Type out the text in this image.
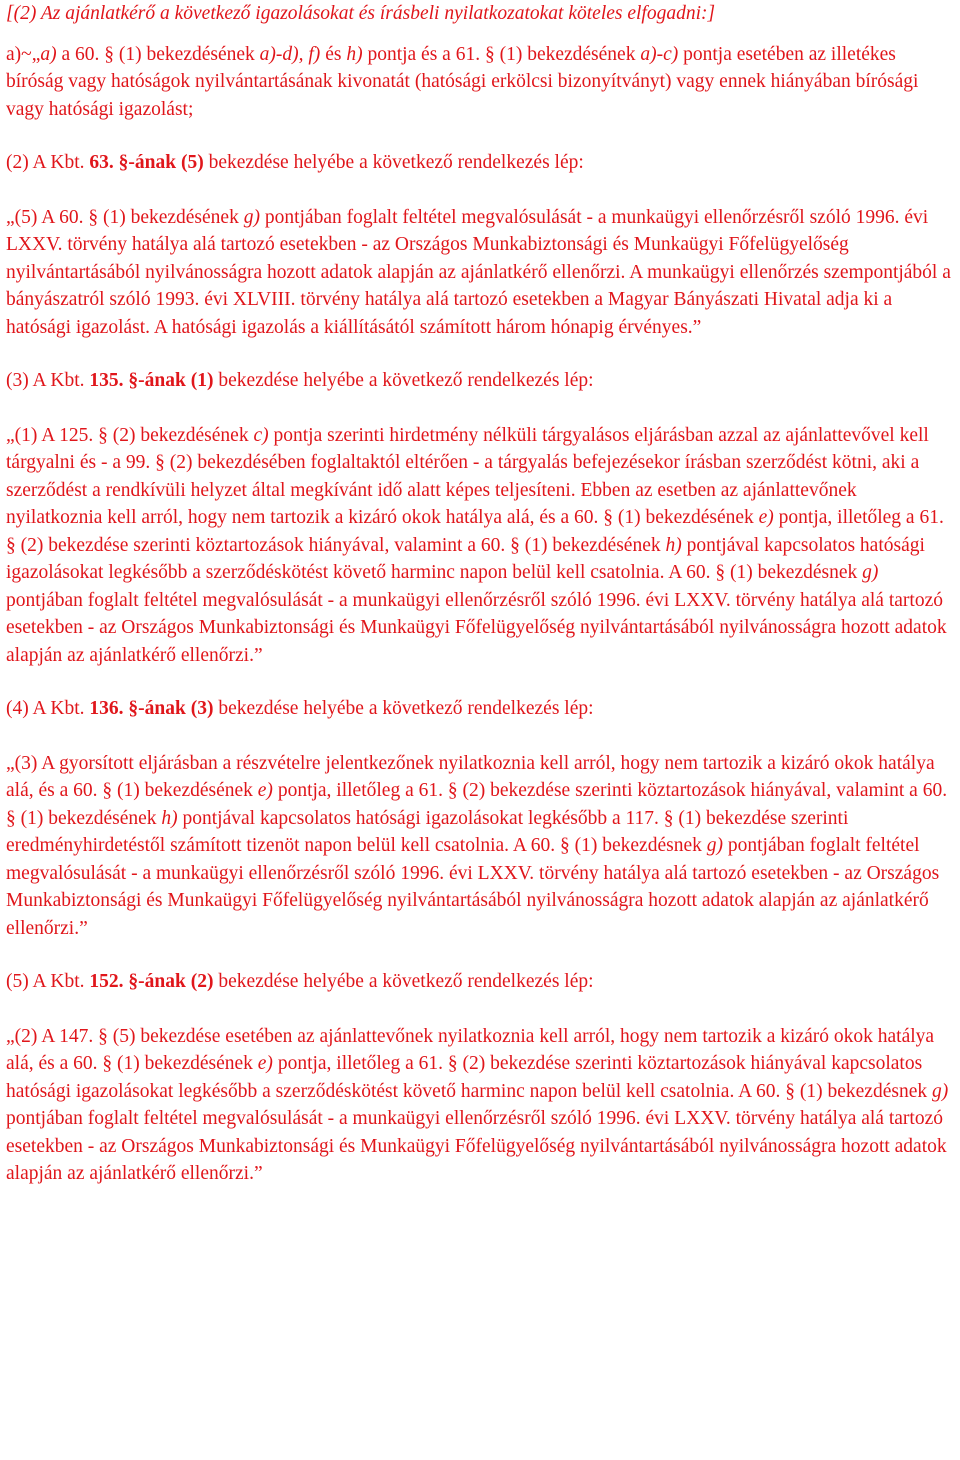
[(2) Az ajánlatkérő a következő igazolásokat és írásbeli nyilatkozatokat köteles elfogadni:]

a)~„a) a 60. § (1) bekezdésének a)-d), f) és h) pontja és a 61. § (1) bekezdésének a)-c) pontja esetében az illetékes bíróság vagy hatóságok nyilvántartásának kivonatát (hatósági erkölcsi bizonyítványt) vagy ennek hiányában bírósági vagy hatósági igazolást;

(2) A Kbt. 63. §-ának (5) bekezdése helyébe a következő rendelkezés lép:

„(5) A 60. § (1) bekezdésének g) pontjában foglalt feltétel megvalósulását - a munkaügyi ellenőrzésről szóló 1996. évi LXXV. törvény hatálya alá tartozó esetekben - az Országos Munkabiztonsági és Munkaügyi Főfelügyelőség nyilvántartásából nyilvánosságra hozott adatok alapján az ajánlatkérő ellenőrzi. A munkaügyi ellenőrzés szempontjából a bányászatról szóló 1993. évi XLVIII. törvény hatálya alá tartozó esetekben a Magyar Bányászati Hivatal adja ki a hatósági igazolást. A hatósági igazolás a kiállításától számított három hónapig érvényes.”

(3) A Kbt. 135. §-ának (1) bekezdése helyébe a következő rendelkezés lép:

„(1) A 125. § (2) bekezdésének c) pontja szerinti hirdetmény nélküli tárgyalásos eljárásban azzal az ajánlattevővel kell tárgyalni és - a 99. § (2) bekezdésében foglaltaktól eltérően - a tárgyalás befejezésekor írásban szerződést kötni, aki a szerződést a rendkívüli helyzet által megkívánt idő alatt képes teljesíteni. Ebben az esetben az ajánlattevőnek nyilatkoznia kell arról, hogy nem tartozik a kizáró okok hatálya alá, és a 60. § (1) bekezdésének e) pontja, illetőleg a 61. § (2) bekezdése szerinti köztartozások hiányával, valamint a 60. § (1) bekezdésének h) pontjával kapcsolatos hatósági igazolásokat legkésőbb a szerződéskötést követő harminc napon belül kell csatolnia. A 60. § (1) bekezdésnek g) pontjában foglalt feltétel megvalósulását - a munkaügyi ellenőrzésről szóló 1996. évi LXXV. törvény hatálya alá tartozó esetekben - az Országos Munkabiztonsági és Munkaügyi Főfelügyelőség nyilvántartásából nyilvánosságra hozott adatok alapján az ajánlatkérő ellenőrzi.”

(4) A Kbt. 136. §-ának (3) bekezdése helyébe a következő rendelkezés lép:

„(3) A gyorsított eljárásban a részvételre jelentkezőnek nyilatkoznia kell arról, hogy nem tartozik a kizáró okok hatálya alá, és a 60. § (1) bekezdésének e) pontja, illetőleg a 61. § (2) bekezdése szerinti köztartozások hiányával, valamint a 60. § (1) bekezdésének h) pontjával kapcsolatos hatósági igazolásokat legkésőbb a 117. § (1) bekezdése szerinti eredményhirdetéstől számított tizenöt napon belül kell csatolnia. A 60. § (1) bekezdésnek g) pontjában foglalt feltétel megvalósulását - a munkaügyi ellenőrzésről szóló 1996. évi LXXV. törvény hatálya alá tartozó esetekben - az Országos Munkabiztonsági és Munkaügyi Főfelügyelőség nyilvántartásából nyilvánosságra hozott adatok alapján az ajánlatkérő ellenőrzi.”

(5) A Kbt. 152. §-ának (2) bekezdése helyébe a következő rendelkezés lép:

„(2) A 147. § (5) bekezdése esetében az ajánlattevőnek nyilatkoznia kell arról, hogy nem tartozik a kizáró okok hatálya alá, és a 60. § (1) bekezdésének e) pontja, illetőleg a 61. § (2) bekezdése szerinti köztartozások hiányával kapcsolatos hatósági igazolásokat legkésőbb a szerződéskötést követő harminc napon belül kell csatolnia. A 60. § (1) bekezdésnek g) pontjában foglalt feltétel megvalósulását - a munkaügyi ellenőrzésről szóló 1996. évi LXXV. törvény hatálya alá tartozó esetekben - az Országos Munkabiztonsági és Munkaügyi Főfelügyelőség nyilvántartásából nyilvánosságra hozott adatok alapján az ajánlatkérő ellenőrzi.”
